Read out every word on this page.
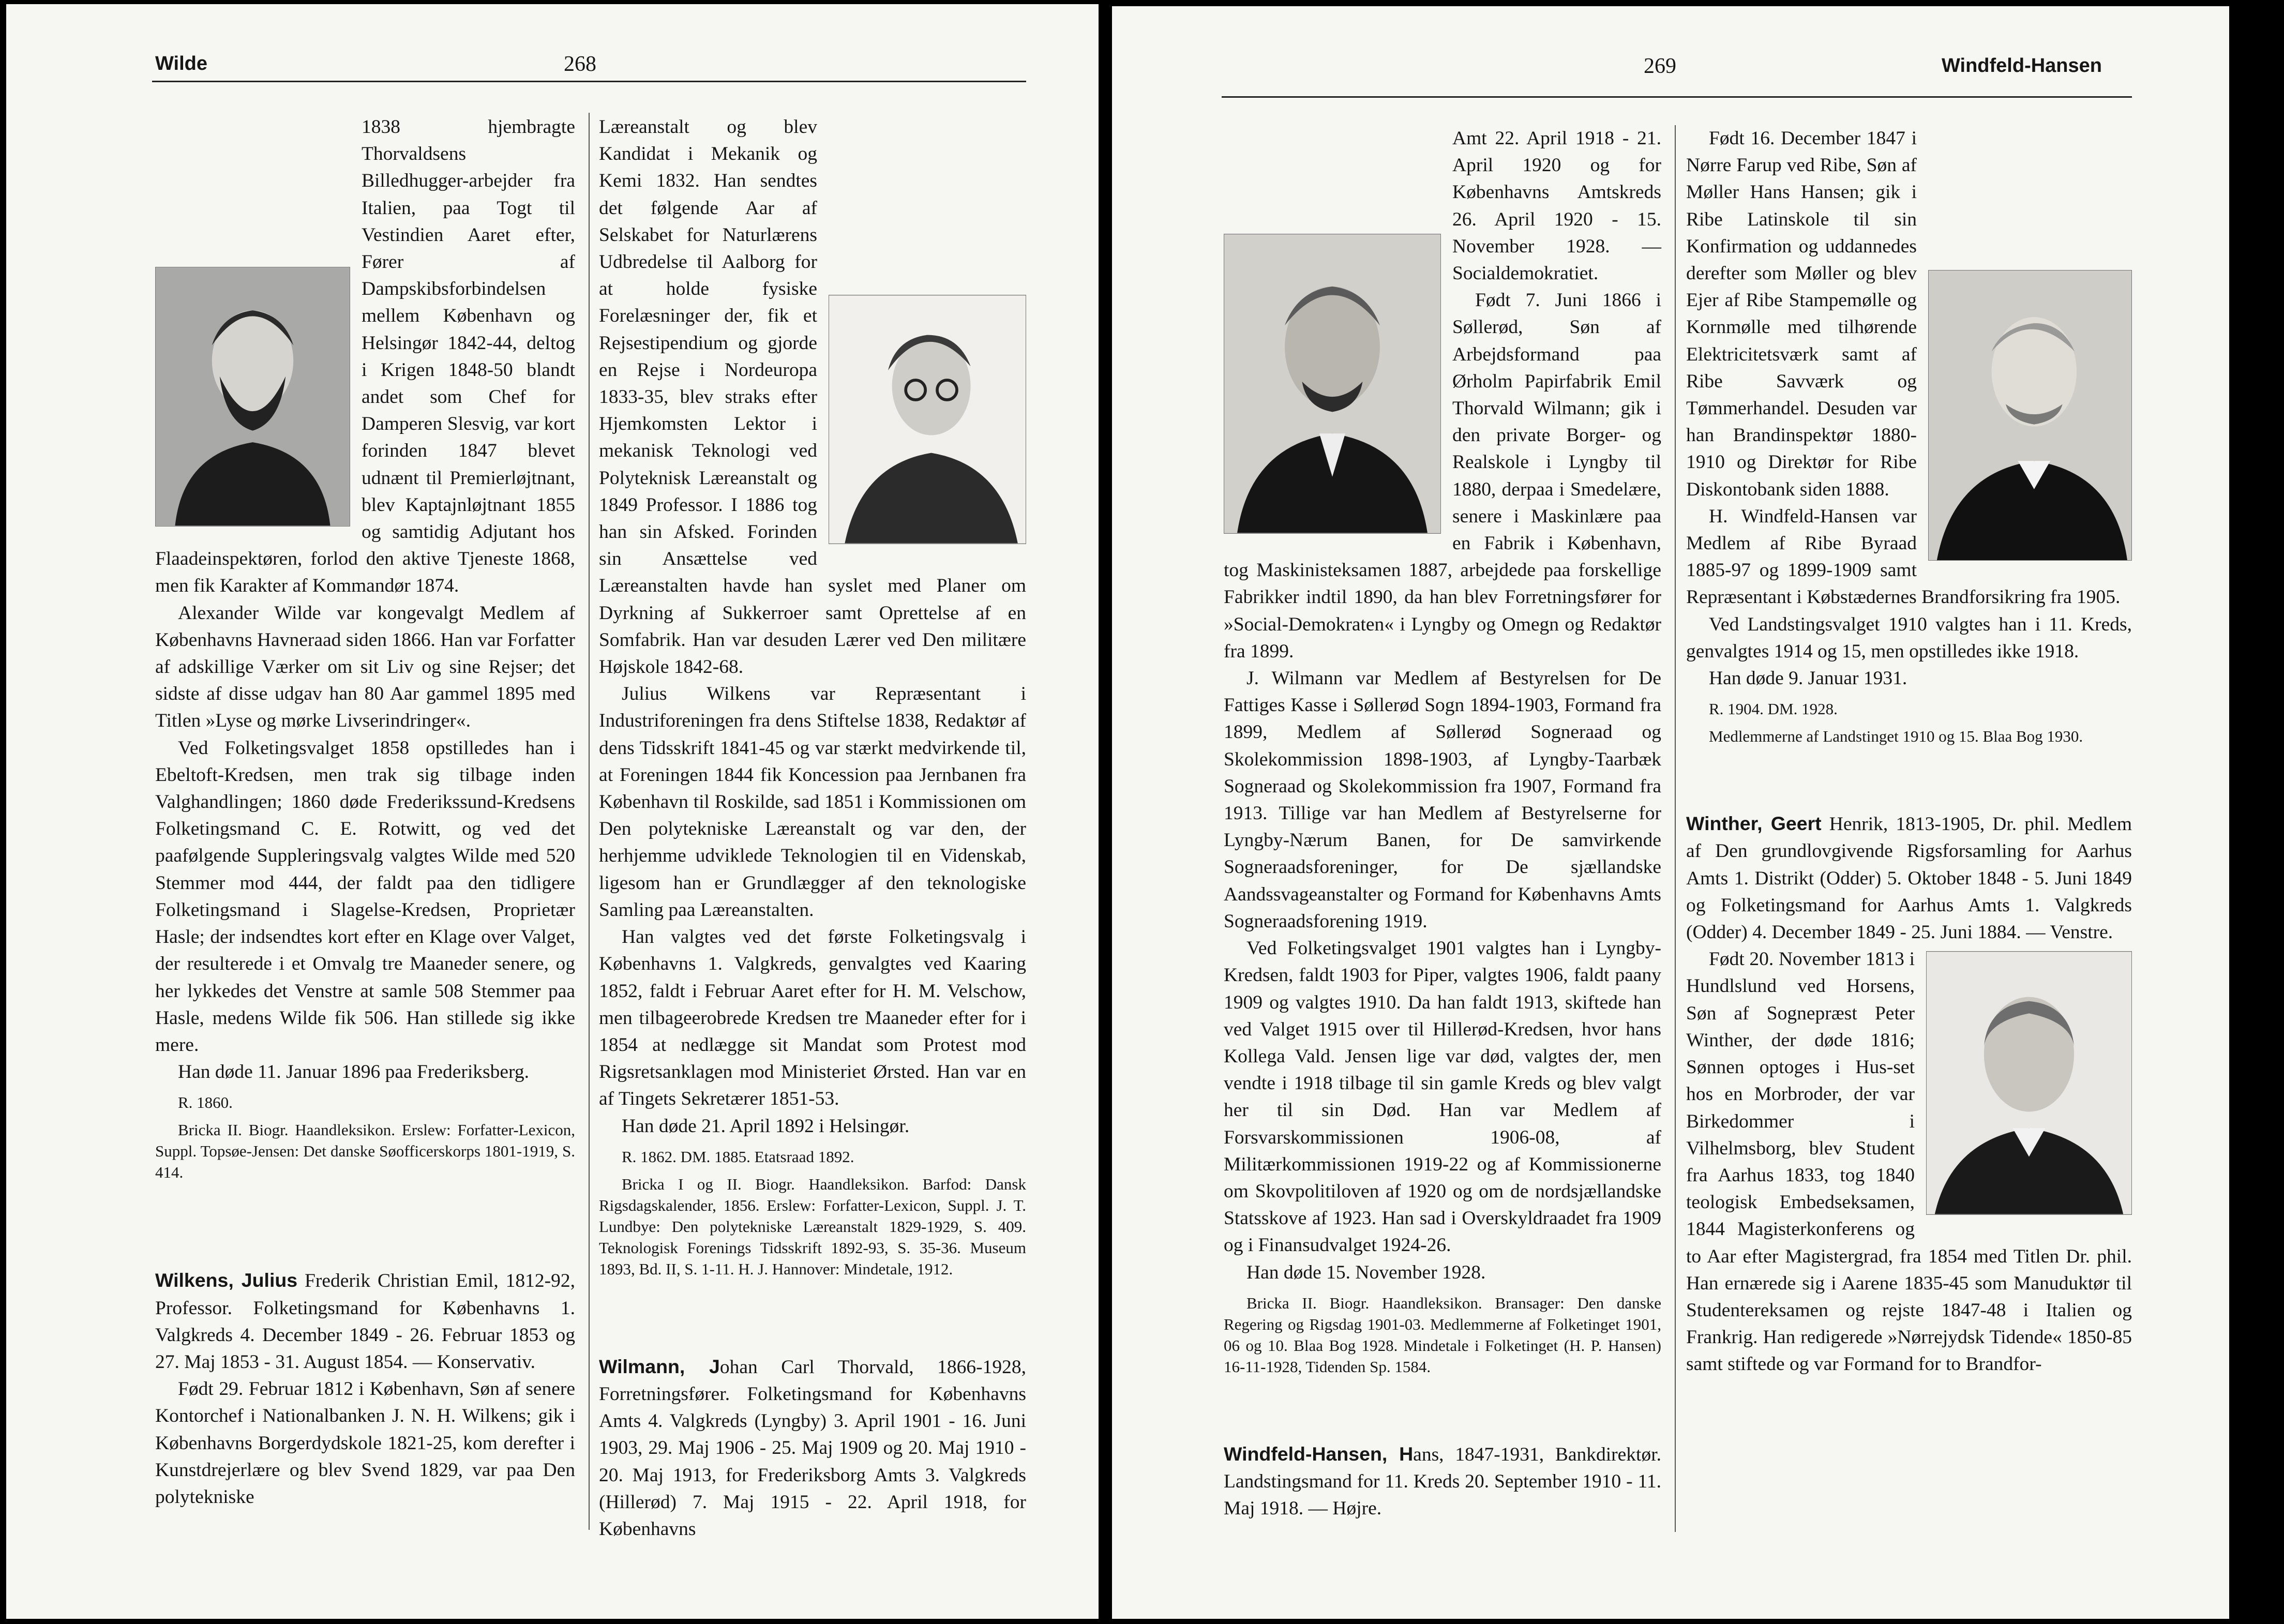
Wilde	268

1838 hjembragte Thorvaldsens Billedhugger-arbejder fra Italien, paa Togt til Vestindien Aaret efter, Fører af Dampskibsforbindelsen mellem København og Helsingør 1842-44, deltog i Krigen 1848-50 blandt andet som Chef for Damperen Slesvig, var kort forinden 1847 blevet udnænt til Premierløjtnant, blev Kaptajnløjtnant 1855 og samtidig Adjutant hos Flaadeinspektøren, forlod den aktive Tjeneste 1868, men fik Karakter af Kommandør 1874.

Alexander Wilde var kongevalgt Medlem af Københavns Havneraad siden 1866. Han var Forfatter af adskillige Værker om sit Liv og sine Rejser; det sidste af disse udgav han 80 Aar gammel 1895 med Titlen »Lyse og mørke Livserindringer«.

Ved Folketingsvalget 1858 opstilledes han i Ebeltoft-Kredsen, men trak sig tilbage inden Valghandlingen; 1860 døde Frederikssund-Kredsens Folketingsmand C. E. Rotwitt, og ved det paafølgende Suppleringsvalg valgtes Wilde med 520 Stemmer mod 444, der faldt paa den tidligere Folketingsmand i Slagelse-Kredsen, Proprietær Hasle; der indsendtes kort efter en Klage over Valget, der resulterede i et Omvalg tre Maaneder senere, og her lykkedes det Venstre at samle 508 Stemmer paa Hasle, medens Wilde fik 506. Han stillede sig ikke mere.

Han døde 11. Januar 1896 paa Frederiksberg.

R. 1860.

Bricka II. Biogr. Haandleksikon. Erslew: Forfatter-Lexicon, Suppl. Topsøe-Jensen: Det danske Søofficerskorps 1801-1919, S. 414.

Wilkens, Julius Frederik Christian Emil, 1812-92, Professor. Folketingsmand for Københavns 1. Valgkreds 4. December 1849 - 26. Februar 1853 og 27. Maj 1853 - 31. August 1854. — Konservativ.

Født 29. Februar 1812 i København, Søn af senere Kontorchef i Nationalbanken J. N. H. Wilkens; gik i Københavns Borgerdydskole 1821-25, kom derefter i Kunstdrejerlære og blev Svend 1829, var paa Den polytekniske

Læreanstalt og blev Kandidat i Mekanik og Kemi 1832. Han sendtes det følgende Aar af Selskabet for Naturlærens Udbredelse til Aalborg for at holde fysiske Forelæsninger der, fik et Rejsestipendium og gjorde en Rejse i Nordeuropa 1833-35, blev straks efter Hjemkomsten Lektor i mekanisk Teknologi ved Polyteknisk Læreanstalt og 1849 Professor. I 1886 tog han sin Afsked. Forinden sin Ansættelse ved Læreanstalten havde han syslet med Planer om Dyrkning af Sukkerroer samt Oprettelse af en Somfabrik. Han var desuden Lærer ved Den militære Højskole 1842-68.

Julius Wilkens var Repræsentant i Industriforeningen fra dens Stiftelse 1838, Redaktør af dens Tidsskrift 1841-45 og var stærkt medvirkende til, at Foreningen 1844 fik Koncession paa Jernbanen fra København til Roskilde, sad 1851 i Kommissionen om Den polytekniske Læreanstalt og var den, der herhjemme udviklede Teknologien til en Videnskab, ligesom han er Grundlægger af den teknologiske Samling paa Læreanstalten.

Han valgtes ved det første Folketingsvalg i Københavns 1. Valgkreds, genvalgtes ved Kaaring 1852, faldt i Februar Aaret efter for H. M. Velschow, men tilbageerobrede Kredsen tre Maaneder efter for i 1854 at nedlægge sit Mandat som Protest mod Rigsretsanklagen mod Ministeriet Ørsted. Han var en af Tingets Sekretærer 1851-53.

Han døde 21. April 1892 i Helsingør.

R. 1862. DM. 1885. Etatsraad 1892.

Bricka I og II. Biogr. Haandleksikon. Barfod: Dansk Rigsdagskalender, 1856. Erslew: Forfatter-Lexicon, Suppl. J. T. Lundbye: Den polytekniske Læreanstalt 1829-1929, S. 409. Teknologisk Forenings Tidsskrift 1892-93, S. 35-36. Museum 1893, Bd. II, S. 1-11. H. J. Hannover: Mindetale, 1912.

Wilmann, Johan Carl Thorvald, 1866-1928, Forretningsfører. Folketingsmand for Københavns Amts 4. Valgkreds (Lyngby) 3. April 1901 - 16. Juni 1903, 29. Maj 1906 - 25. Maj 1909 og 20. Maj 1910 - 20. Maj 1913, for Frederiksborg Amts 3. Valgkreds (Hillerød) 7. Maj 1915 - 22. April 1918, for Københavns

269	Windfeld-Hansen

Amt 22. April 1918 - 21. April 1920 og for Københavns Amtskreds 26. April 1920 - 15. November 1928. — Socialdemokratiet.

Født 7. Juni 1866 i Søllerød, Søn af Arbejdsformand paa Ørholm Papirfabrik Emil Thorvald Wilmann; gik i den private Borger- og Realskole i Lyngby til 1880, derpaa i Smedelære, senere i Maskinlære paa en Fabrik i København, tog Maskinisteksamen 1887, arbejdede paa forskellige Fabrikker indtil 1890, da han blev Forretningsfører for »Social-Demokraten« i Lyngby og Omegn og Redaktør fra 1899.

J. Wilmann var Medlem af Bestyrelsen for De Fattiges Kasse i Søllerød Sogn 1894-1903, Formand fra 1899, Medlem af Søllerød Sogneraad og Skolekommission 1898-1903, af Lyngby-Taarbæk Sogneraad og Skolekommission fra 1907, Formand fra 1913. Tillige var han Medlem af Bestyrelserne for Lyngby-Nærum Banen, for De samvirkende Sogneraadsforeninger, for De sjællandske Aandssvageanstalter og Formand for Københavns Amts Sogneraadsforening 1919.

Ved Folketingsvalget 1901 valgtes han i Lyngby-Kredsen, faldt 1903 for Piper, valgtes 1906, faldt paany 1909 og valgtes 1910. Da han faldt 1913, skiftede han ved Valget 1915 over til Hillerød-Kredsen, hvor hans Kollega Vald. Jensen lige var død, valgtes der, men vendte i 1918 tilbage til sin gamle Kreds og blev valgt her til sin Død. Han var Medlem af Forsvarskommissionen 1906-08, af Militærkommissionen 1919-22 og af Kommissionerne om Skovpolitiloven af 1920 og om de nordsjællandske Statsskove af 1923. Han sad i Overskyldraadet fra 1909 og i Finansudvalget 1924-26.

Han døde 15. November 1928.

Bricka II. Biogr. Haandleksikon. Bransager: Den danske Regering og Rigsdag 1901-03. Medlemmerne af Folketinget 1901, 06 og 10. Blaa Bog 1928. Mindetale i Folketinget (H. P. Hansen) 16-11-1928, Tidenden Sp. 1584.

Windfeld-Hansen, Hans, 1847-1931, Bankdirektør. Landstingsmand for 11. Kreds 20. September 1910 - 11. Maj 1918. — Højre.

Født 16. December 1847 i Nørre Farup ved Ribe, Søn af Møller Hans Hansen; gik i Ribe Latinskole til sin Konfirmation og uddannedes derefter som Møller og blev Ejer af Ribe Stampemølle og Kornmølle med tilhørende Elektricitetsværk samt af Ribe Savværk og Tømmerhandel. Desuden var han Brandinspektør 1880-1910 og Direktør for Ribe Diskontobank siden 1888.

H. Windfeld-Hansen var Medlem af Ribe Byraad 1885-97 og 1899-1909 samt Repræsentant i Købstædernes Brandforsikring fra 1905.

Ved Landstingsvalget 1910 valgtes han i 11. Kreds, genvalgtes 1914 og 15, men opstilledes ikke 1918.

Han døde 9. Januar 1931.

R. 1904. DM. 1928.

Medlemmerne af Landstinget 1910 og 15. Blaa Bog 1930.

Winther, Geert Henrik, 1813-1905, Dr. phil. Medlem af Den grundlovgivende Rigsforsamling for Aarhus Amts 1. Distrikt (Odder) 5. Oktober 1848 - 5. Juni 1849 og Folketingsmand for Aarhus Amts 1. Valgkreds (Odder) 4. December 1849 - 25. Juni 1884. — Venstre.

Født 20. November 1813 i Hundlslund ved Horsens, Søn af Sognepræst Peter Winther, der døde 1816; Sønnen optoges i Hus-set hos en Morbroder, der var Birkedommer i Vilhelmsborg, blev Student fra Aarhus 1833, tog 1840 teologisk Embedseksamen, 1844 Magisterkonferens og to Aar efter Magistergrad, fra 1854 med Titlen Dr. phil. Han ernærede sig i Aarene 1835-45 som Manuduktør til Studentereksamen og rejste 1847-48 i Italien og Frankrig. Han redigerede »Nørrejydsk Tidende« 1850-85 samt stiftede og var Formand for to Brandfor-
